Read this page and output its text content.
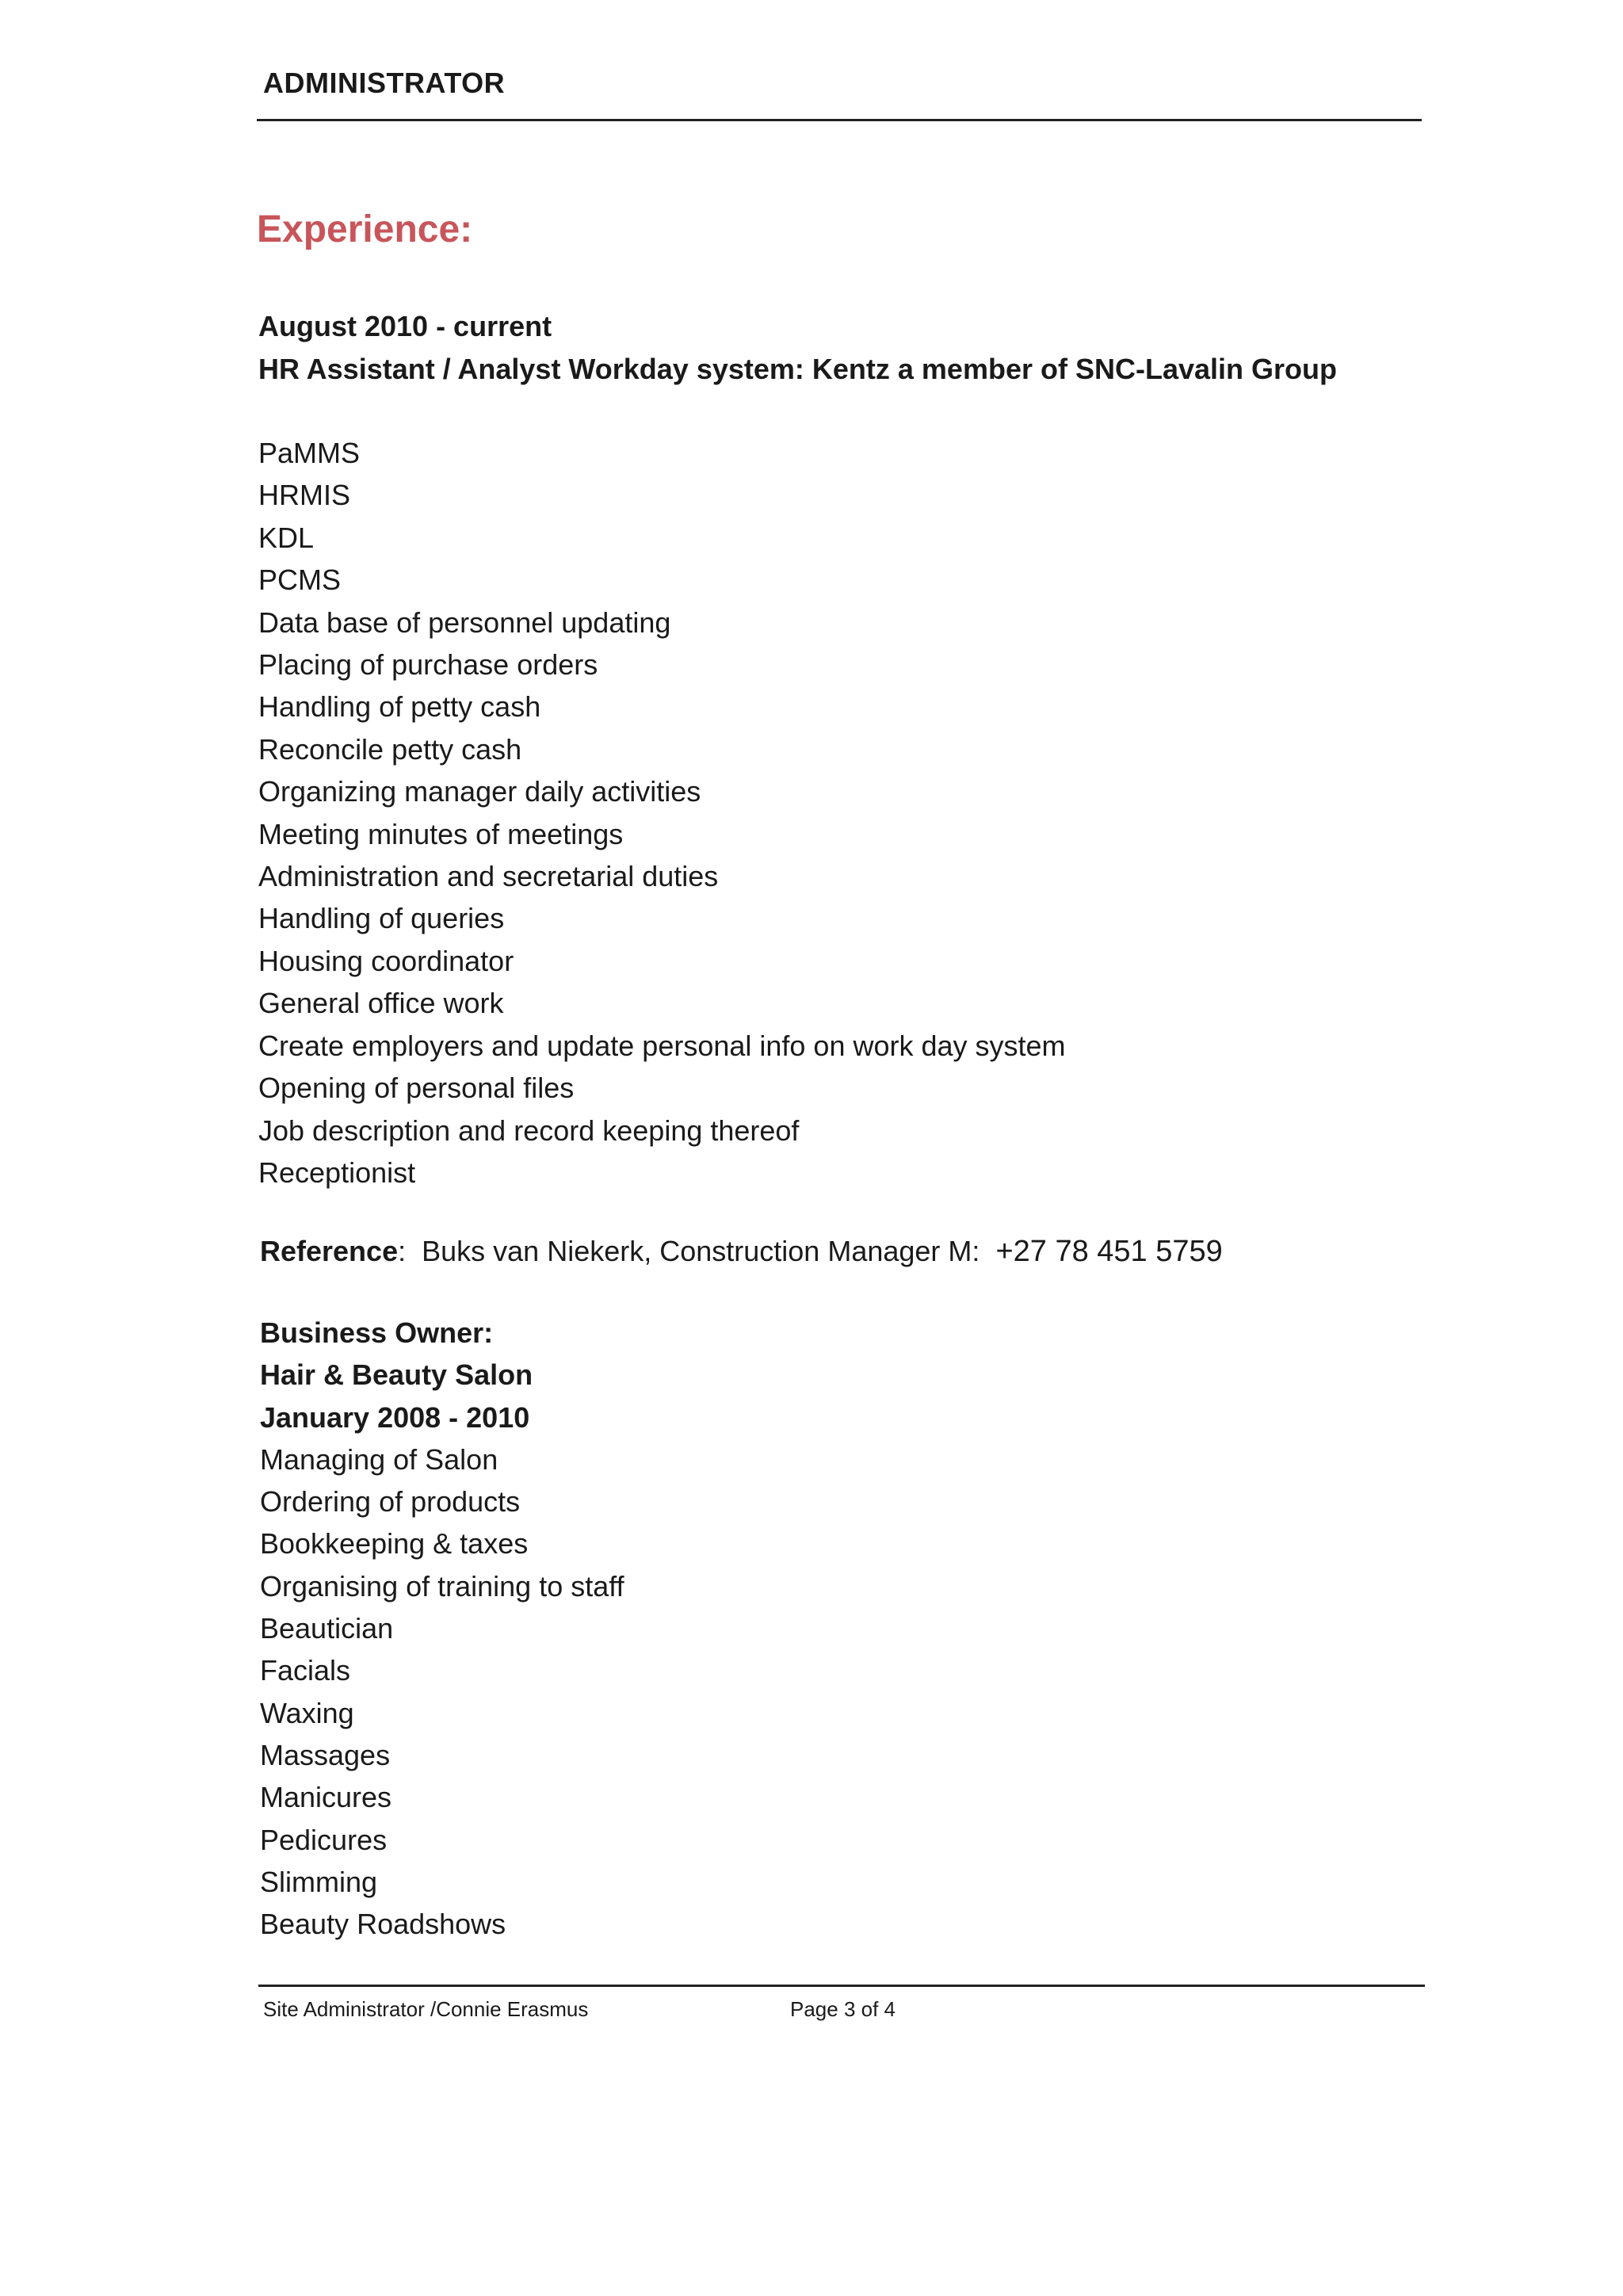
ADMINISTRATOR
Experience:
August 2010 - current
HR Assistant / Analyst Workday system: Kentz a member of SNC-Lavalin Group
PaMMS
HRMIS
KDL
PCMS
Data base of personnel updating
Placing of purchase orders
Handling of petty cash
Reconcile petty cash
Organizing manager daily activities
Meeting minutes of meetings
Administration and secretarial duties
Handling of queries
Housing coordinator
General office work
Create employers and update personal info on work day system
Opening of personal files
Job description and record keeping thereof
Receptionist
Reference: Buks van Niekerk, Construction Manager M: +27 78 451 5759
Business Owner:
Hair & Beauty Salon
January 2008 - 2010
Managing of Salon
Ordering of products
Bookkeeping & taxes
Organising of training to staff
Beautician
Facials
Waxing
Massages
Manicures
Pedicures
Slimming
Beauty Roadshows
Site Administrator /Connie Erasmus	Page 3 of 4
